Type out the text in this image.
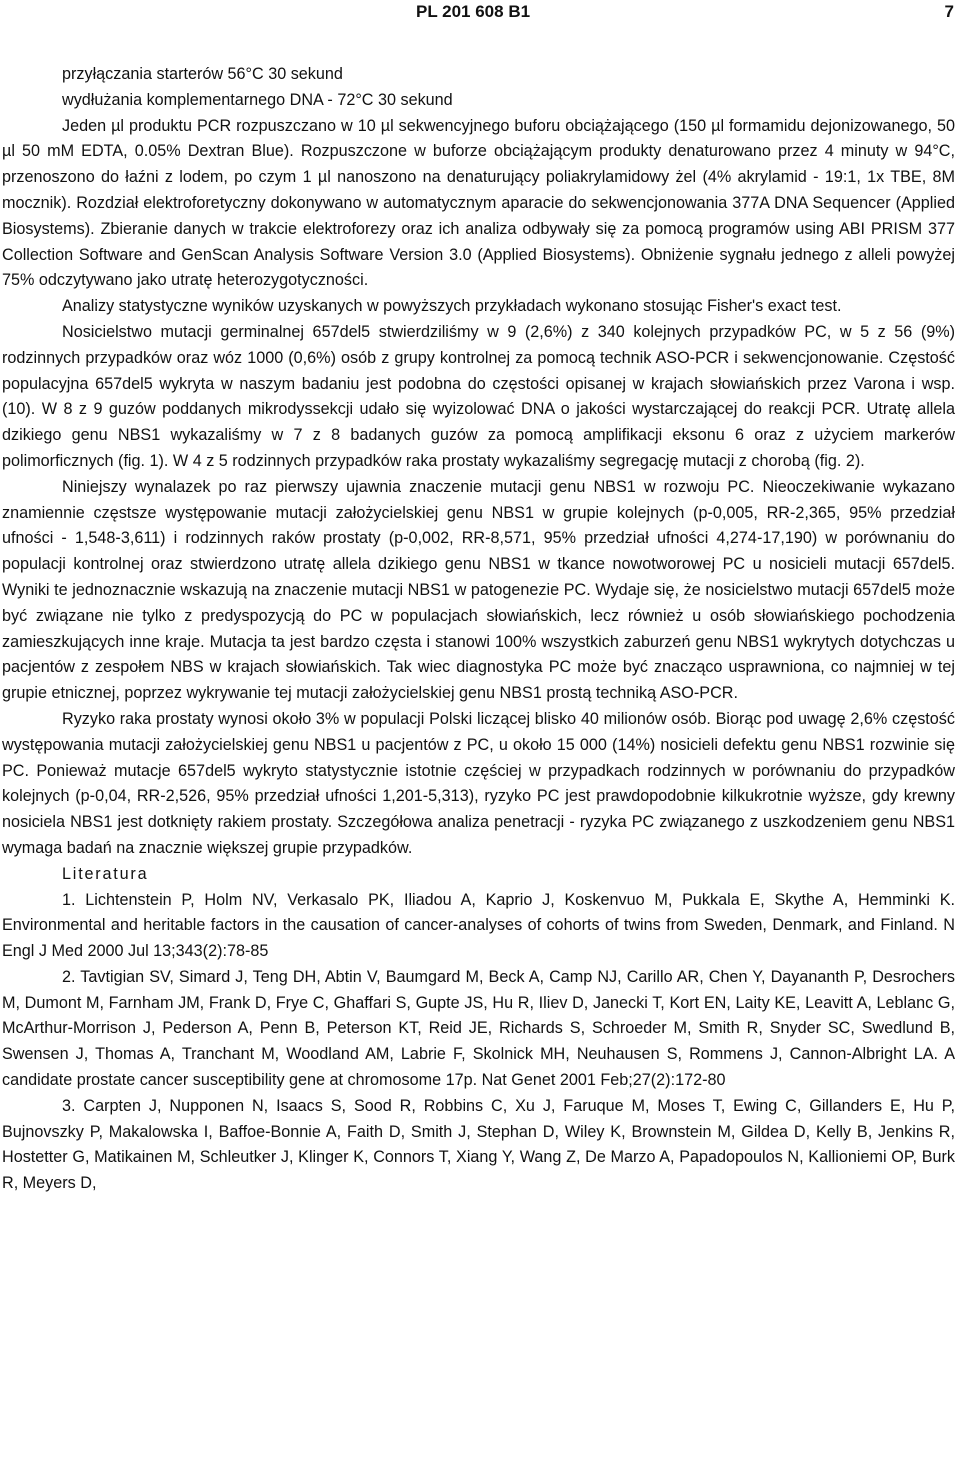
PL 201 608 B1	7

przyłączania starterów 56°C 30 sekund

wydłużania komplementarnego DNA - 72°C 30 sekund

Jeden µl produktu PCR rozpuszczano w 10 µl sekwencyjnego buforu obciążającego (150 µl formamidu dejonizowanego, 50 µl 50 mM EDTA, 0.05% Dextran Blue). Rozpuszczone w buforze obciążającym produkty denaturowano przez 4 minuty w 94°C, przenoszono do łaźni z lodem, po czym 1 µl nanoszono na denaturujący poliakrylamidowy żel (4% akrylamid - 19:1, 1x TBE, 8M mocznik). Rozdział elektroforetyczny dokonywano w automatycznym aparacie do sekwencjonowania 377A DNA Sequencer (Applied Biosystems). Zbieranie danych w trakcie elektroforezy oraz ich analiza odbywały się za pomocą programów using ABI PRISM 377 Collection Software and GenScan Analysis Software Version 3.0 (Applied Biosystems). Obniżenie sygnału jednego z alleli powyżej 75% odczytywano jako utratę heterozygotyczności.

Analizy statystyczne wyników uzyskanych w powyższych przykładach wykonano stosując Fisher's exact test.

Nosicielstwo mutacji germinalnej 657del5 stwierdziliśmy w 9 (2,6%) z 340 kolejnych przypadków PC, w 5 z 56 (9%) rodzinnych przypadków oraz wóz 1000 (0,6%) osób z grupy kontrolnej za pomocą technik ASO-PCR i sekwencjonowanie. Częstość populacyjna 657del5 wykryta w naszym badaniu jest podobna do częstości opisanej w krajach słowiańskich przez Varona i wsp. (10). W 8 z 9 guzów poddanych mikrodyssekcji udało się wyizolować DNA o jakości wystarczającej do reakcji PCR. Utratę allela dzikiego genu NBS1 wykazaliśmy w 7 z 8 badanych guzów za pomocą amplifikacji eksonu 6 oraz z użyciem markerów polimorficznych (fig. 1). W 4 z 5 rodzinnych przypadków raka prostaty wykazaliśmy segregację mutacji z chorobą (fig. 2).

Niniejszy wynalazek po raz pierwszy ujawnia znaczenie mutacji genu NBS1 w rozwoju PC. Nieoczekiwanie wykazano znamiennie częstsze występowanie mutacji założycielskiej genu NBS1 w grupie kolejnych (p-0,005, RR-2,365, 95% przedział ufności - 1,548-3,611) i rodzinnych raków prostaty (p-0,002, RR-8,571, 95% przedział ufności 4,274-17,190) w porównaniu do populacji kontrolnej oraz stwierdzono utratę allela dzikiego genu NBS1 w tkance nowotworowej PC u nosicieli mutacji 657del5. Wyniki te jednoznacznie wskazują na znaczenie mutacji NBS1 w patogenezie PC. Wydaje się, że nosicielstwo mutacji 657del5 może być związane nie tylko z predyspozycją do PC w populacjach słowiańskich, lecz również u osób słowiańskiego pochodzenia zamieszkujących inne kraje. Mutacja ta jest bardzo częsta i stanowi 100% wszystkich zaburzeń genu NBS1 wykrytych dotychczas u pacjentów z zespołem NBS w krajach słowiańskich. Tak wiec diagnostyka PC może być znacząco usprawniona, co najmniej w tej grupie etnicznej, poprzez wykrywanie tej mutacji założycielskiej genu NBS1 prostą techniką ASO-PCR.

Ryzyko raka prostaty wynosi około 3% w populacji Polski liczącej blisko 40 milionów osób. Biorąc pod uwagę 2,6% częstość występowania mutacji założycielskiej genu NBS1 u pacjentów z PC, u około 15 000 (14%) nosicieli defektu genu NBS1 rozwinie się PC. Ponieważ mutacje 657del5 wykryto statystycznie istotnie częściej w przypadkach rodzinnych w porównaniu do przypadków kolejnych (p-0,04, RR-2,526, 95% przedział ufności 1,201-5,313), ryzyko PC jest prawdopodobnie kilkukrotnie wyższe, gdy krewny nosiciela NBS1 jest dotknięty rakiem prostaty. Szczegółowa analiza penetracji - ryzyka PC związanego z uszkodzeniem genu NBS1 wymaga badań na znacznie większej grupie przypadków.

Literatura

1. Lichtenstein P, Holm NV, Verkasalo PK, Iliadou A, Kaprio J, Koskenvuo M, Pukkala E, Skythe A, Hemminki K. Environmental and heritable factors in the causation of cancer-analyses of cohorts of twins from Sweden, Denmark, and Finland. N Engl J Med 2000 Jul 13;343(2):78-85

2. Tavtigian SV, Simard J, Teng DH, Abtin V, Baumgard M, Beck A, Camp NJ, Carillo AR, Chen Y, Dayananth P, Desrochers M, Dumont M, Farnham JM, Frank D, Frye C, Ghaffari S, Gupte JS, Hu R, Iliev D, Janecki T, Kort EN, Laity KE, Leavitt A, Leblanc G, McArthur-Morrison J, Pederson A, Penn B, Peterson KT, Reid JE, Richards S, Schroeder M, Smith R, Snyder SC, Swedlund B, Swensen J, Thomas A, Tranchant M, Woodland AM, Labrie F, Skolnick MH, Neuhausen S, Rommens J, Cannon-Albright LA. A candidate prostate cancer susceptibility gene at chromosome 17p. Nat Genet 2001 Feb;27(2):172-80

3. Carpten J, Nupponen N, Isaacs S, Sood R, Robbins C, Xu J, Faruque M, Moses T, Ewing C, Gillanders E, Hu P, Bujnovszky P, Makalowska I, Baffoe-Bonnie A, Faith D, Smith J, Stephan D, Wiley K, Brownstein M, Gildea D, Kelly B, Jenkins R, Hostetter G, Matikainen M, Schleutker J, Klinger K, Connors T, Xiang Y, Wang Z, De Marzo A, Papadopoulos N, Kallioniemi OP, Burk R, Meyers D,
